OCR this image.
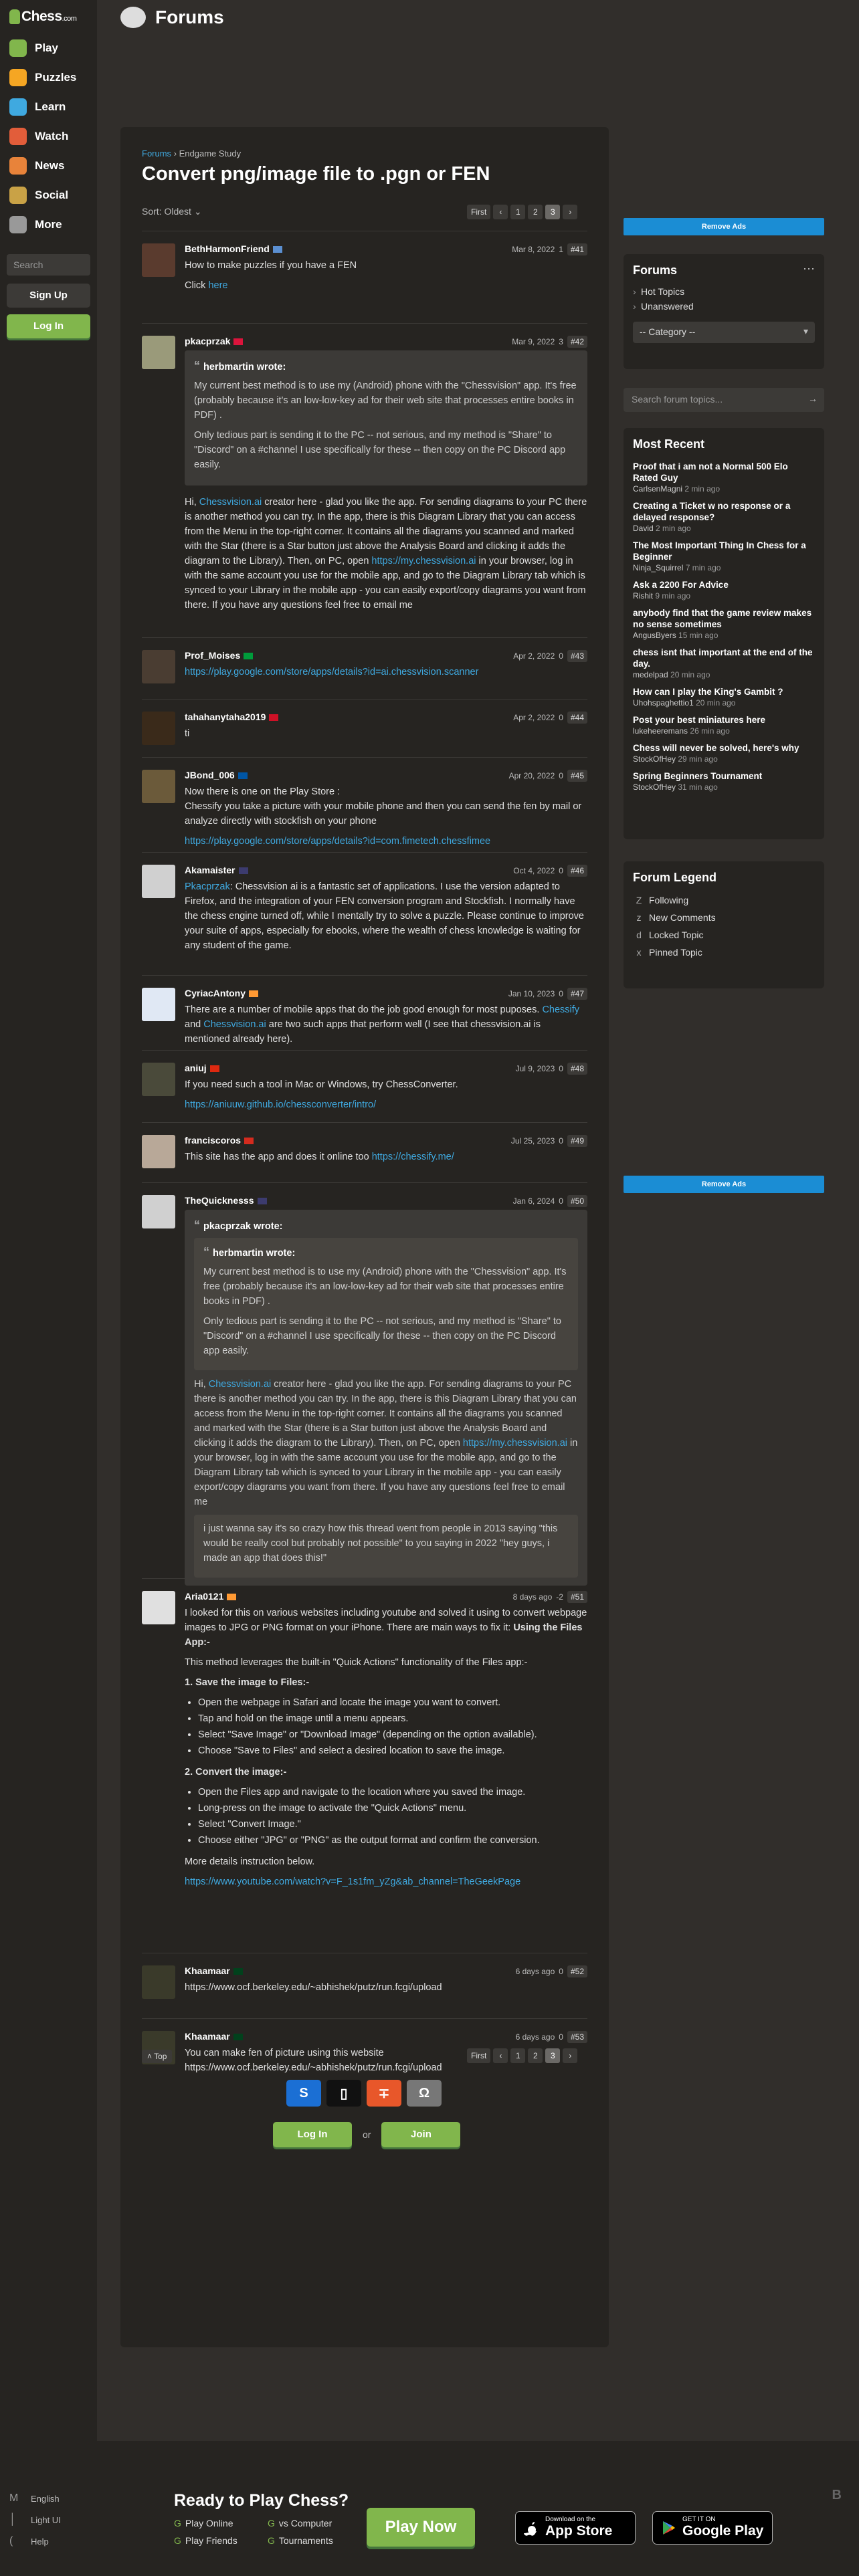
Chess .com
Play
Puzzles
Learn
Watch
News
Social
More
Search
Sign Up
Log In
M	English
│	Light UI
(	Help
Forums
Forums › Endgame Study
Convert png/image file to .pgn or FEN
Sort: Oldest ⌄	First	‹	1	2	3	›
BethHarmonFriend	Mar 8, 2022 1 #41

How to make puzzles if you have a FEN

Click here

pkacprzak	Mar 9, 2022 3 #42
“ herbmartin wrote:

My current best method is to use my (Android) phone with the "Chessvision" app. It's free (probably because it's an low-low-key ad for their web site that processes entire books in PDF) .

Only tedious part is sending it to the PC -- not serious, and my method is "Share" to "Discord" on a #channel I use specifically for these -- then copy on the PC Discord app easily.

Hi, Chessvision.ai creator here - glad you like the app. For sending diagrams to your PC there is another method you can try. In the app, there is this Diagram Library that you can access from the Menu in the top-right corner. It contains all the diagrams you scanned and marked with the Star (there is a Star button just above the Analysis Board and clicking it adds the diagram to the Library). Then, on PC, open https://my.chessvision.ai in your browser, log in with the same account you use for the mobile app, and go to the Diagram Library tab which is synced to your Library in the mobile app - you can easily export/copy diagrams you want from there. If you have any questions feel free to email me

Prof_Moises	Apr 2, 2022 0 #43

https://play.google.com/store/apps/details?id=ai.chessvision.scanner

tahahanytaha2019	Apr 2, 2022 0 #44

ti

JBond_006	Apr 20, 2022 0 #45

Now there is one on the Play Store :

Chessify you take a picture with your mobile phone and then you can send the fen by mail or analyze directly with stockfish on your phone

https://play.google.com/store/apps/details?id=com.fimetech.chessfimee

Akamaister	Oct 4, 2022 0 #46

Pkacprzak: Chessvision ai is a fantastic set of applications. I use the version adapted to Firefox, and the integration of your FEN conversion program and Stockfish. I normally have the chess engine turned off, while I mentally try to solve a puzzle. Please continue to improve your suite of apps, especially for ebooks, where the wealth of chess knowledge is waiting for any student of the game.

CyriacAntony	Jan 10, 2023 0 #47

There are a number of mobile apps that do the job good enough for most puposes. Chessify and Chessvision.ai are two such apps that perform well (I see that chessvision.ai is mentioned already here).

aniuj	Jul 9, 2023 0 #48

If you need such a tool in Mac or Windows, try ChessConverter.

https://aniuuw.github.io/chessconverter/intro/

franciscoros	Jul 25, 2023 0 #49

This site has the app and does it online too https://chessify.me/

TheQuicknesss	Jan 6, 2024 0 #50
“ pkacprzak wrote:
“ herbmartin wrote:

My current best method is to use my (Android) phone with the "Chessvision" app. It's free (probably because it's an low-low-key ad for their web site that processes entire books in PDF) .

Only tedious part is sending it to the PC -- not serious, and my method is "Share" to "Discord" on a #channel I use specifically for these -- then copy on the PC Discord app easily.

Hi, Chessvision.ai creator here - glad you like the app. For sending diagrams to your PC there is another method you can try. In the app, there is this Diagram Library that you can access from the Menu in the top-right corner. It contains all the diagrams you scanned and marked with the Star (there is a Star button just above the Analysis Board and clicking it adds the diagram to the Library). Then, on PC, open https://my.chessvision.ai in your browser, log in with the same account you use for the mobile app, and go to the Diagram Library tab which is synced to your Library in the mobile app - you can easily export/copy diagrams you want from there. If you have any questions feel free to email me

i just wanna say it's so crazy how this thread went from people in 2013 saying "this would be really cool but probably not possible" to you saying in 2022 "hey guys, i made an app that does this!"

Aria0121	8 days ago -2 #51

I looked for this on various websites including youtube and solved it using to convert webpage images to JPG or PNG format on your iPhone. There are main ways to fix it: Using the Files App:-

This method leverages the built-in "Quick Actions" functionality of the Files app:-

1. Save the image to Files:-

• Open the webpage in Safari and locate the image you want to convert.
• Tap and hold on the image until a menu appears.
• Select "Save Image" or "Download Image" (depending on the option available).
• Choose "Save to Files" and select a desired location to save the image.

2. Convert the image:-

• Open the Files app and navigate to the location where you saved the image.
• Long-press on the image to activate the "Quick Actions" menu.
• Select "Convert Image."
• Choose either "JPG" or "PNG" as the output format and confirm the conversion.

More details instruction below.

https://www.youtube.com/watch?v=F_1s1fm_yZg&ab_channel=TheGeekPage

Khaamaar	6 days ago 0 #52

https://www.ocf.berkeley.edu/~abhishek/putz/run.fcgi/upload

Khaamaar	6 days ago 0 #53

You can make fen of picture using this website

https://www.ocf.berkeley.edu/~abhishek/putz/run.fcgi/upload

˄ Top	First	‹	1	2	3	›
S	▯	∓	Ω
Log In	or	Join
Remove Ads
Forums	⋯
› Hot Topics
› Unanswered
-- Category -- ▾
Search forum topics... →
Most Recent
Proof that i am not a Normal 500 Elo Rated Guy
CarlsenMagni 2 min ago
Creating a Ticket w no response or a delayed response?
David 2 min ago
The Most Important Thing In Chess for a Beginner
Ninja_Squirrel 7 min ago
Ask a 2200 For Advice
Rishit 9 min ago
anybody find that the game review makes no sense sometimes
AngusByers 15 min ago
chess isnt that important at the end of the day.
medelpad 20 min ago
How can I play the King's Gambit ?
Uhohspaghettio1 20 min ago
Post your best miniatures here
lukeheeremans 26 min ago
Chess will never be solved, here's why
StockOfHey 29 min ago
Spring Beginners Tournament
StockOfHey 31 min ago
Forum Legend
Z Following
z New Comments
d Locked Topic
x Pinned Topic
Remove Ads
Ready to Play Chess?
G Play Online	G vs Computer
G Play Friends	G Tournaments
Play Now	Download on the
App Store
GET IT ON
Google Play
B
